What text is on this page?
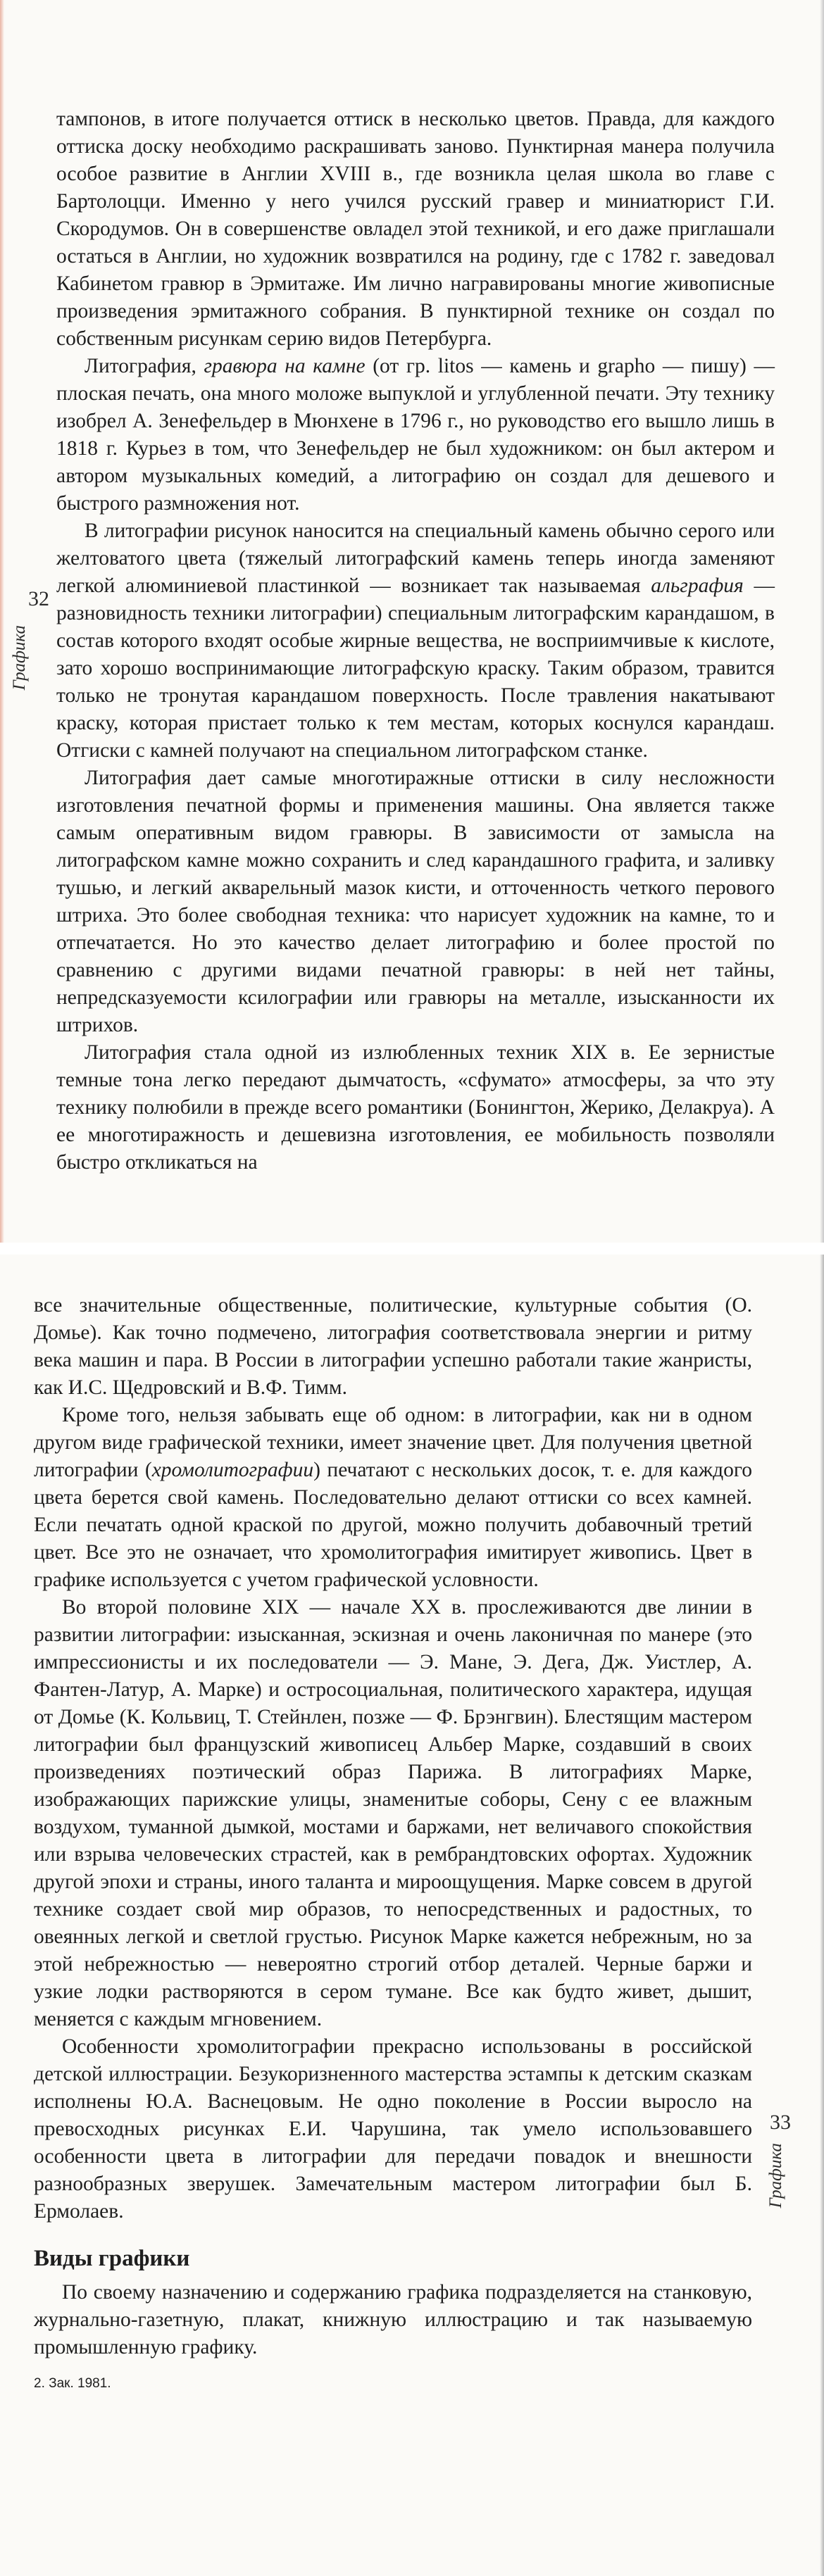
32
Графика

тампонов, в итоге получается оттиск в несколько цветов. Правда, для каждого оттиска доску необходимо раскрашивать заново. Пунктирная манера получила особое развитие в Англии XVIII в., где возникла целая школа во главе с Бартолоцци. Именно у него учился русский гравер и миниатюрист Г.И. Скородумов. Он в совершенстве овладел этой техникой, и его даже приглашали остаться в Англии, но художник возвратился на родину, где с 1782 г. заведовал Кабинетом гравюр в Эрмитаже. Им лично награвированы многие живописные произведения эрмитажного собрания. В пунктирной технике он создал по собственным рисункам серию видов Петербурга.

Литография, гравюра на камне (от гр. litos — камень и grapho — пишу) —плоская печать, она много моложе выпуклой и углубленной печати. Эту технику изобрел А. Зенефельдер в Мюнхене в 1796 г., но руководство его вышло лишь в 1818 г. Курьез в том, что Зенефельдер не был художником: он был актером и автором музыкальных комедий, а литографию он создал для дешевого и быстрого размножения нот.

В литографии рисунок наносится на специальный камень обычно серого или желтоватого цвета (тяжелый литографский камень теперь иногда заменяют легкой алюминиевой пластинкой — возникает так называемая альграфия — разновидность техники литографии) специальным литографским карандашом, в состав которого входят особые жирные вещества, не восприимчивые к кислоте, зато хорошо воспринимающие литографскую краску. Таким образом, травится только не тронутая карандашом поверхность. После травления накатывают краску, которая пристает только к тем местам, которых коснулся карандаш. Отгиски с камней получают на специальном литографском станке.

Литография дает самые многотиражные оттиски в силу несложности изготовления печатной формы и применения машины. Она является также самым оперативным видом гравюры. В зависимости от замысла на литографском камне можно сохранить и след карандашного графита, и заливку тушью, и легкий акварельный мазок кисти, и отточенность четкого перового штриха. Это более свободная техника: что нарисует художник на камне, то и отпечатается. Но это качество делает литографию и более простой по сравнению с другими видами печатной гравюры: в ней нет тайны, непредсказуемости ксилографии или гравюры на металле, изысканности их штрихов.

Литография стала одной из излюбленных техник XIX в. Ее зернистые темные тона легко передают дымчатость, «сфумато» атмосферы, за что эту технику полюбили в прежде всего романтики (Бонингтон, Жерико, Делакруа). А ее многотиражность и дешевизна изготовления, ее мобильность позволяли быстро откликаться на

33
Графика

все значительные общественные, политические, культурные события (О. Домье). Как точно подмечено, литография соответствовала энергии и ритму века машин и пара. В России в литографии успешно работали такие жанристы, как И.С. Щедровский и В.Ф. Тимм.

Кроме того, нельзя забывать еще об одном: в литографии, как ни в одном другом виде графической техники, имеет значение цвет. Для получения цветной литографии (хромолитографии) печатают с нескольких досок, т. е. для каждого цвета берется свой камень. Последовательно делают оттиски со всех камней. Если печатать одной краской по другой, можно получить добавочный третий цвет. Все это не означает, что хромолитография имитирует живопись. Цвет в графике используется с учетом графической условности.

Во второй половине XIX — начале XX в. прослеживаются две линии в развитии литографии: изысканная, эскизная и очень лаконичная по манере (это импрессионисты и их последователи — Э. Мане, Э. Дега, Дж. Уистлер, А. Фантен-Латур, А. Марке) и остросоциальная, политического характера, идущая от Домье (К. Кольвиц, Т. Стейнлен, позже — Ф. Брэнгвин). Блестящим мастером литографии был французский живописец Альбер Марке, создавший в своих произведениях поэтический образ Парижа. В литографиях Марке, изображающих парижские улицы, знаменитые соборы, Сену с ее влажным воздухом, туманной дымкой, мостами и баржами, нет величавого спокойствия или взрыва человеческих страстей, как в рембрандтовских офортах. Художник другой эпохи и страны, иного таланта и мироощущения. Марке совсем в другой технике создает свой мир образов, то непосредственных и радостных, то овеянных легкой и светлой грустью. Рисунок Марке кажется небрежным, но за этой небрежностью — невероятно строгий отбор деталей. Черные баржи и узкие лодки растворяются в сером тумане. Все как будто живет, дышит, меняется с каждым мгновением.

Особенности хромолитографии прекрасно использованы в российской детской иллюстрации. Безукоризненного мастерства эстампы к детским сказкам исполнены Ю.А. Васнецовым. Не одно поколение в России выросло на превосходных рисунках Е.И. Чарушина, так умело использовавшего особенности цвета в литографии для передачи повадок и внешности разнообразных зверушек. Замечательным мастером литографии был Б. Ермолаев.

Виды графики

По своему назначению и содержанию графика подразделяется на станковую, журнально-газетную, плакат, книжную иллюстрацию и так называемую промышленную графику.

2. Зак. 1981.
